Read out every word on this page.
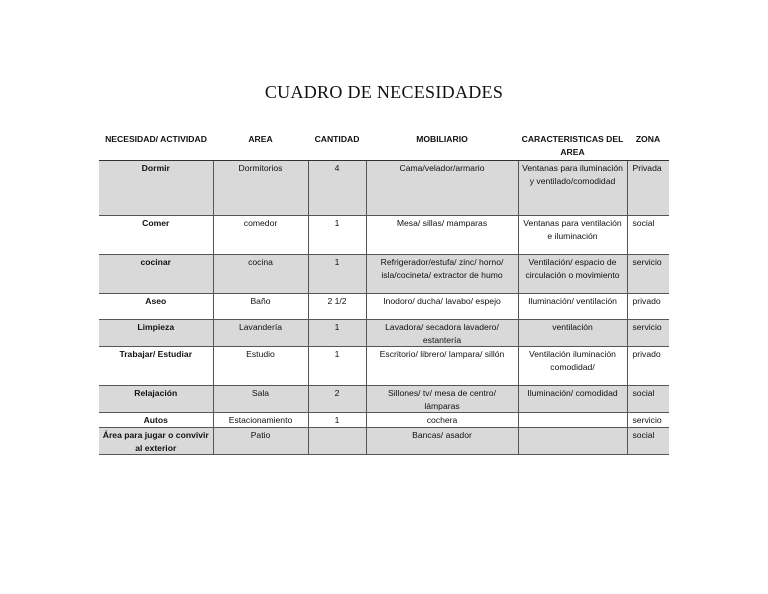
CUADRO DE NECESIDADES
NECESIDAD/ ACTIVIDAD	AREA	CANTIDAD	MOBILIARIO	CARACTERISTICAS DEL AREA	ZONA
Dormir	Dormitorios	4	Cama/velador/armario	Ventanas para iluminación y ventilado/comodidad	Privada
Comer	comedor	1	Mesa/ sillas/ mamparas	Ventanas para ventilación e iluminación	social
cocinar	cocina	1	Refrigerador/estufa/ zinc/ horno/ isla/cocineta/ extractor de humo	Ventilación/ espacio de circulación o movimiento	servicio
Aseo	Baño	2 1/2	Inodoro/ ducha/ lavabo/ espejo	Iluminación/ ventilación	privado
Limpieza	Lavandería	1	Lavadora/ secadora lavadero/ estantería	ventilación	servicio
Trabajar/ Estudiar	Estudio	1	Escritorio/ librero/ lampara/ sillón	Ventilación iluminación comodidad/	privado
Relajación	Sala	2	Sillones/ tv/ mesa de centro/ lámparas	Iluminación/ comodidad	social
Autos	Estacionamiento	1	cochera		servicio
Área para jugar o convivir al exterior	Patio		Bancas/ asador		social
